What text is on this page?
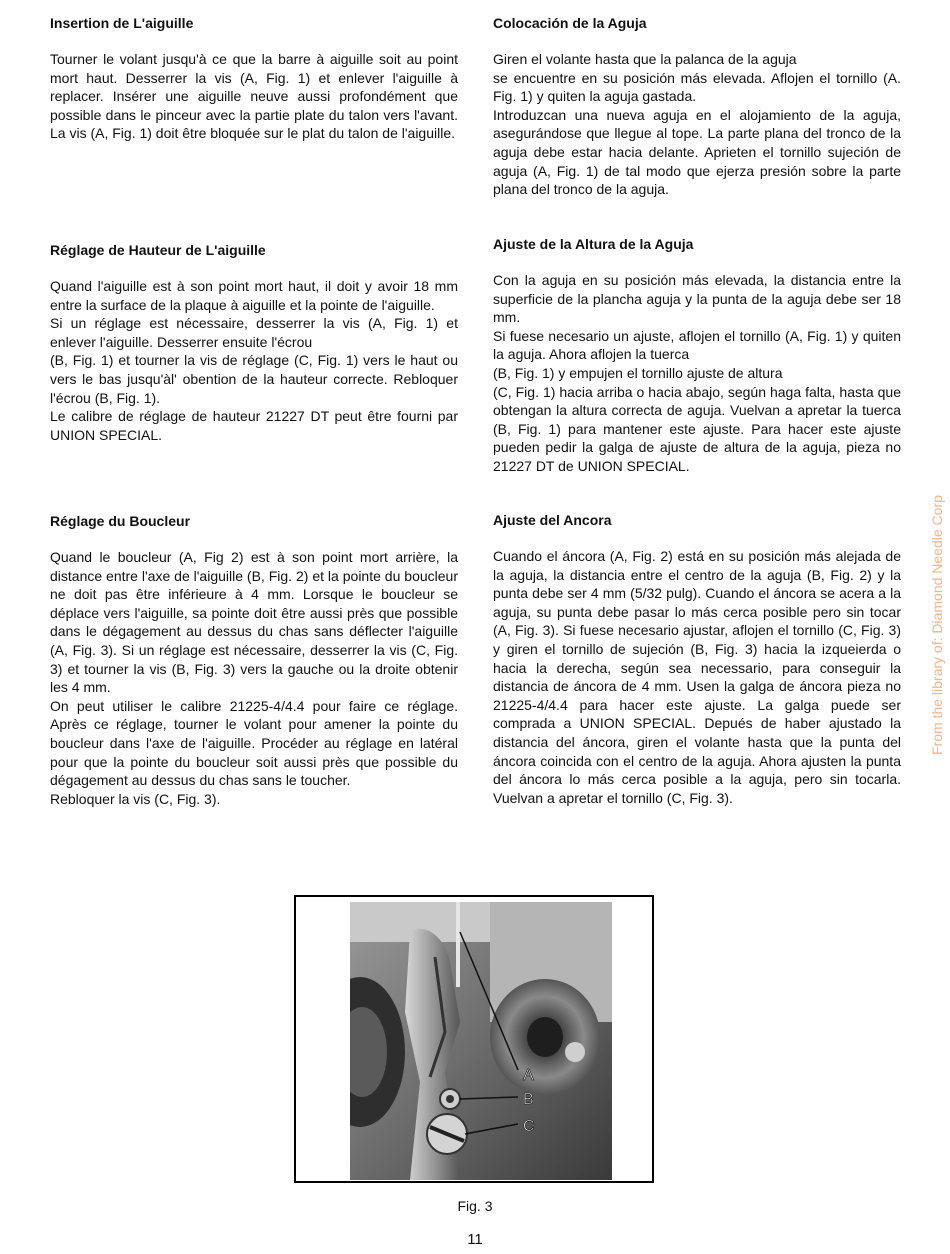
Insertion de L'aiguille

Tourner le volant jusqu'à ce que la barre à aiguille soit au point mort haut. Desserrer la vis (A, Fig. 1) et enlever l'aiguille à replacer. Insérer une aiguille neuve aussi profondément que possible dans le pinceur avec la partie plate du talon vers l'avant. La vis (A, Fig. 1) doit être bloquée sur le plat du talon de l'aiguille.

Réglage de Hauteur de L'aiguille

Quand l'aiguille est à son point mort haut, il doit y avoir 18 mm entre la surface de la plaque à aiguille et la pointe de l'aiguille.
Si un réglage est nécessaire, desserrer la vis (A, Fig. 1) et enlever l'aiguille. Desserrer ensuite l'écrou
(B, Fig. 1) et tourner la vis de réglage (C, Fig. 1) vers le haut ou vers le bas jusqu'àl' obention de la hauteur correcte. Rebloquer l'écrou (B, Fig. 1).
Le calibre de réglage de hauteur 21227 DT peut être fourni par UNION SPECIAL.

Réglage du Boucleur

Quand le boucleur (A, Fig 2) est à son point mort arrière, la distance entre l'axe de l'aiguille (B, Fig. 2) et la pointe du boucleur ne doit pas être inférieure à 4 mm. Lorsque le boucleur se déplace vers l'aiguille, sa pointe doit être aussi près que possible dans le dégagement au dessus du chas sans déflecter l'aiguille (A, Fig. 3). Si un réglage est nécessaire, desserrer la vis (C, Fig. 3) et tourner la vis (B, Fig. 3) vers la gauche ou la droite obtenir les 4 mm.
On peut utiliser le calibre 21225-4/4.4 pour faire ce réglage. Après ce réglage, tourner le volant pour amener la pointe du boucleur dans l'axe de l'aiguille. Procéder au réglage en latéral pour que la pointe du boucleur soit aussi près que possible du dégagement au dessus du chas sans le toucher.
Rebloquer la vis (C, Fig. 3).

Colocación de la Aguja

Giren el volante hasta que la palanca de la aguja
se encuentre en su posición más elevada. Aflojen el tornillo (A. Fig. 1) y quiten la aguja gastada.
Introduzcan una nueva aguja en el alojamiento de la aguja, asegurándose que llegue al tope. La parte plana del tronco de la aguja debe estar hacia delante. Aprieten el tornillo sujeción de aguja (A, Fig. 1) de tal modo que ejerza presión sobre la parte plana del tronco de la aguja.

Ajuste de la Altura de la Aguja

Con la aguja en su posición más elevada, la distancia entre la superficie de la plancha aguja y la punta de la aguja debe ser 18 mm.
Si fuese necesario un ajuste, aflojen el tornillo (A, Fig. 1) y quiten la aguja. Ahora aflojen la tuerca
(B, Fig. 1) y empujen el tornillo ajuste de altura
(C, Fig. 1) hacia arriba o hacia abajo, según haga falta, hasta que obtengan la altura correcta de aguja. Vuelvan a apretar la tuerca (B, Fig. 1) para mantener este ajuste. Para hacer este ajuste pueden pedir la galga de ajuste de altura de la aguja, pieza no 21227 DT de UNION SPECIAL.

Ajuste del Ancora

Cuando el áncora (A, Fig. 2) está en su posición más alejada de la aguja, la distancia entre el centro de la aguja (B, Fig. 2) y la punta debe ser 4 mm (5/32 pulg). Cuando el áncora se acera a la aguja, su punta debe pasar lo más cerca posible pero sin tocar (A, Fig. 3). Si fuese necesario ajustar, aflojen el tornillo (C, Fig. 3) y giren el tornillo de sujeción (B, Fig. 3) hacia la izqueierda o hacia la derecha, según sea necessario, para conseguir la distancia de áncora de 4 mm. Usen la galga de áncora pieza no 21225-4/4.4 para hacer este ajuste. La galga puede ser comprada a UNION SPECIAL. Depués de haber ajustado la distancia del áncora, giren el volante hasta que la punta del áncora coincida con el centro de la aguja. Ahora ajusten la punta del áncora lo más cerca posible a la aguja, pero sin tocarla. Vuelvan a apretar el tornillo (C, Fig. 3).

From the library of: Diamond Needle Corp
A
B
C
Fig. 3
11
